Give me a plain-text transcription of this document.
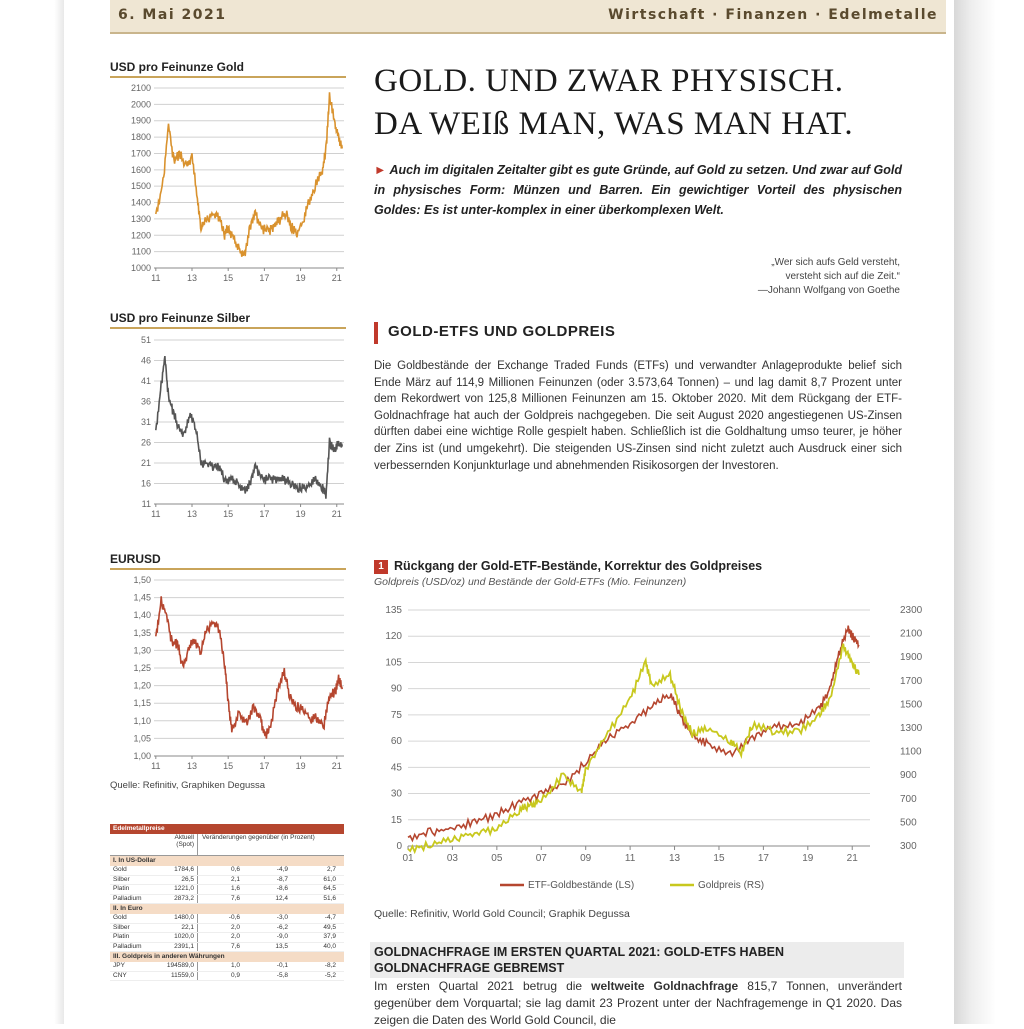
6. Mai 2021	Wirtschaft · Finanzen · Edelmetalle
USD pro Feinunze Gold
1000
1100
1200
1300
1400
1500
1600
1700
1800
1900
2000
2100
11	13	15	17	19	21
USD pro Feinunze Silber
11
16
21
26
31
36
41
46
51
11	13	15	17	19	21
EURUSD
1,00
1,05
1,10
1,15
1,20
1,25
1,30
1,35
1,40
1,45
1,50
11	13	15	17	19	21
Quelle: Refinitiv, Graphiken Degussa
Edelmetallpreise
Aktuell (Spot)
Veränderungen gegenüber (in Prozent)
I. In US-Dollar
Gold	1784,6	0,6	-4,9	2,7
Silber	26,5	2,1	-8,7	61,0
Platin	1221,0	1,6	-8,6	64,5
Palladium	2873,2	7,6	12,4	51,6
II. In Euro
Gold	1480,0	-0,6	-3,0	-4,7
Silber	22,1	2,0	-6,2	49,5
Platin	1020,0	2,0	-9,0	37,9
Palladium	2391,1	7,6	13,5	40,0
III. Goldpreis in anderen Währungen
JPY	194589,0	1,0	-0,1	-8,2
CNY	11559,0	0,9	-5,8	-5,2
GOLD. UND ZWAR PHYSISCH.
DA WEIß MAN, WAS MAN HAT.
► Auch im digitalen Zeitalter gibt es gute Gründe, auf Gold zu setzen. Und zwar auf Gold in physisches Form: Münzen und Barren. Ein gewichtiger Vorteil des physischen Goldes: Es ist unter-komplex in einer überkomplexen Welt.
„Wer sich aufs Geld versteht,
versteht sich auf die Zeit.“
—Johann Wolfgang von Goethe
GOLD-ETFS UND GOLDPREIS
Die Goldbestände der Exchange Traded Funds (ETFs) und verwandter Anlageprodukte belief sich Ende März auf 114,9 Millionen Feinunzen (oder 3.573,64 Tonnen) – und lag damit 8,7 Prozent unter dem Rekordwert von 125,8 Millionen Feinunzen am 15. Oktober 2020. Mit dem Rückgang der ETF-Goldnachfrage hat auch der Goldpreis nachgegeben. Die seit August 2020 angestiegenen US-Zinsen dürften dabei eine wichtige Rolle gespielt haben. Schließlich ist die Goldhaltung umso teurer, je höher der Zins ist (und umgekehrt). Die steigenden US-Zinsen sind nicht zuletzt auch Ausdruck einer sich verbessernden Konjunkturlage und abnehmenden Risikosorgen der Investoren.
1 Rückgang der Gold-ETF-Bestände, Korrektur des Goldpreises
Goldpreis (USD/oz) und Bestände der Gold-ETFs (Mio. Feinunzen)
0
15
30
45
60
75
90
105
120
135
300
500
700
900
1100
1300
1500
1700
1900
2100
2300
01	03	05	07	09	11	13	15	17	19	21
ETF-Goldbestände (LS)	Goldpreis (RS)
Quelle: Refinitiv, World Gold Council; Graphik Degussa
GOLDNACHFRAGE IM ERSTEN QUARTAL 2021: GOLD-ETFS HABEN GOLDNACHFRAGE GEBREMST
Im ersten Quartal 2021 betrug die weltweite Goldnachfrage 815,7 Tonnen, unverändert gegenüber dem Vorquartal; sie lag damit 23 Prozent unter der Nachfragemenge in Q1 2020. Das zeigen die Daten des World Gold Council, die
